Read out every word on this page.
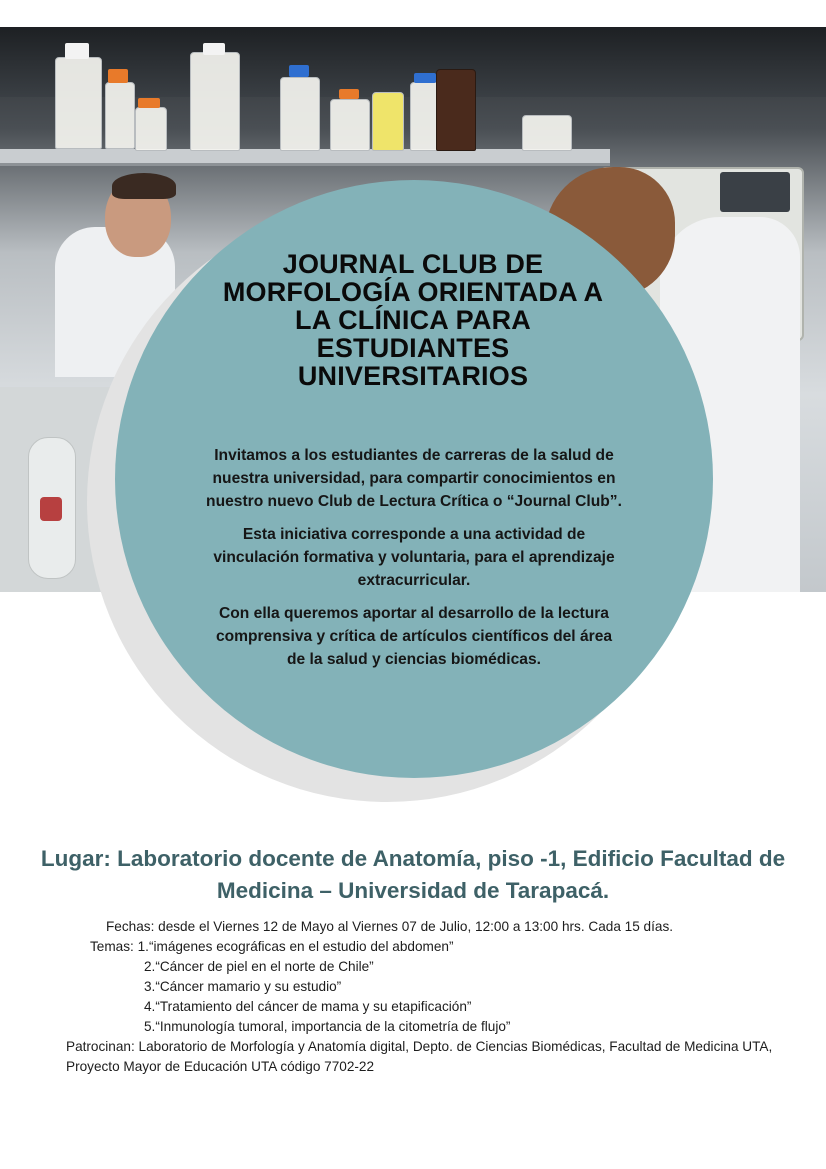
JOURNAL CLUB DE MORFOLOGÍA ORIENTADA A LA CLÍNICA PARA ESTUDIANTES UNIVERSITARIOS

Invitamos a los estudiantes de carreras de la salud de nuestra universidad, para compartir conocimientos en nuestro nuevo Club de Lectura Crítica o “Journal Club”.

Esta iniciativa corresponde a una actividad de vinculación formativa y voluntaria, para el aprendizaje extracurricular.

Con ella queremos aportar al desarrollo de la lectura comprensiva y crítica de artículos científicos del área de la salud y ciencias biomédicas.

Lugar: Laboratorio docente de Anatomía, piso -1, Edificio Facultad de Medicina – Universidad de Tarapacá.

Fechas: desde el Viernes 12 de Mayo al Viernes 07 de Julio, 12:00 a 13:00 hrs. Cada 15 días.

Temas: 1.“imágenes ecográficas en el estudio del abdomen”

2.“Cáncer de piel en el norte de Chile”

3.“Cáncer mamario y su estudio”

4.“Tratamiento del cáncer de mama y su etapificación”

5.“Inmunología tumoral, importancia de la citometría de flujo”

Patrocinan: Laboratorio de Morfología y Anatomía digital, Depto. de Ciencias Biomédicas, Facultad de Medicina UTA, Proyecto Mayor de Educación UTA código 7702-22
